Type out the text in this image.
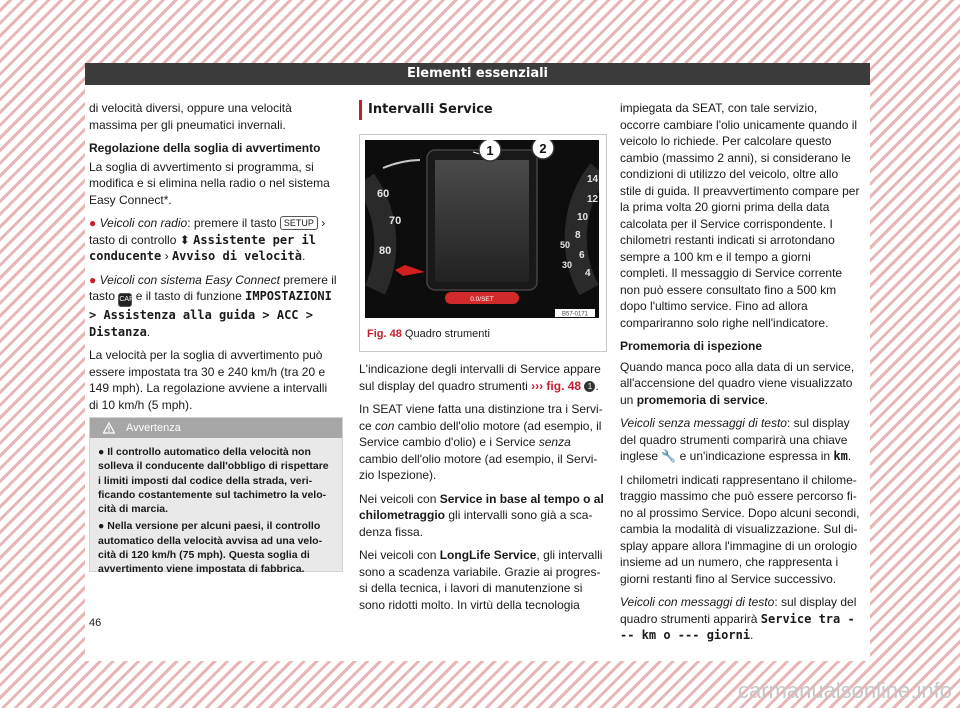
Elementi essenziali

di velocità diversi, oppure una velocità massima per gli pneumatici invernali.

Regolazione della soglia di avvertimento

La soglia di avvertimento si programma, si modifica e si elimina nella radio o nel sistema Easy Connect*.

● Veicoli con radio: premere il tasto SETUP › tasto di controllo ⬍ Assistente per il conducente › Avviso di velocità.

● Veicoli con sistema Easy Connect premere il tasto CAR e il tasto di funzione IMPOSTAZIONI > Assistenza alla guida > ACC > Distanza.

La velocità per la soglia di avvertimento può essere impostata tra 30 e 240 km/h (tra 20 e 149 mph). La regolazione avviene a intervalli di 10 km/h (5 mph).

Avvertenza
● Il controllo automatico della velocità non solleva il conducente dall'obbligo di rispettare i limiti imposti dal codice della strada, verificando costantemente sul tachimetro la velocità di marcia.
● Nella versione per alcuni paesi, il controllo automatico della velocità avvisa ad una velocità di 120 km/h (75 mph). Questa soglia di avvertimento viene impostata di fabbrica.
46
Intervalli Service
60
70
80
0.0/SET
14
12
10
8
6
4
50
30
1	2
B57-0171
Fig. 48 Quadro strumenti

L'indicazione degli intervalli di Service appare sul display del quadro strumenti ››› fig. 48 1 .

In SEAT viene fatta una distinzione tra i Service con cambio dell'olio motore (ad esempio, il Service cambio d'olio) e i Service senza cambio dell'olio motore (ad esempio, il Servizio Ispezione).

Nei veicoli con Service in base al tempo o al chilometraggio gli intervalli sono già a scadenza fissa.

Nei veicoli con LongLife Service, gli intervalli sono a scadenza variabile. Grazie ai progressi della tecnica, i lavori di manutenzione si sono ridotti molto. In virtù della tecnologia

impiegata da SEAT, con tale servizio, occorre cambiare l'olio unicamente quando il veicolo lo richiede. Per calcolare questo cambio (massimo 2 anni), si considerano le condizioni di utilizzo del veicolo, oltre allo stile di guida. Il preavvertimento compare per la prima volta 20 giorni prima della data calcolata per il Service corrispondente. I chilometri restanti indicati si arrotondano sempre a 100 km e il tempo a giorni completi. Il messaggio di Service corrente non può essere consultato fino a 500 km dopo l'ultimo service. Fino ad allora compariranno solo righe nell'indicatore.

Promemoria di ispezione

Quando manca poco alla data di un service, all'accensione del quadro viene visualizzato un promemoria di service.

Veicoli senza messaggi di testo: sul display del quadro strumenti comparirà una chiave inglese 🔧 e un'indicazione espressa in km.

I chilometri indicati rappresentano il chilometraggio massimo che può essere percorso fino al prossimo Service. Dopo alcuni secondi, cambia la modalità di visualizzazione. Sul display appare allora l'immagine di un orologio insieme ad un numero, che rappresenta i giorni restanti fino al Service successivo.

Veicoli con messaggi di testo: sul display del quadro strumenti apparirà Service tra --- km o --- giorni.

carmanualsonline.info
